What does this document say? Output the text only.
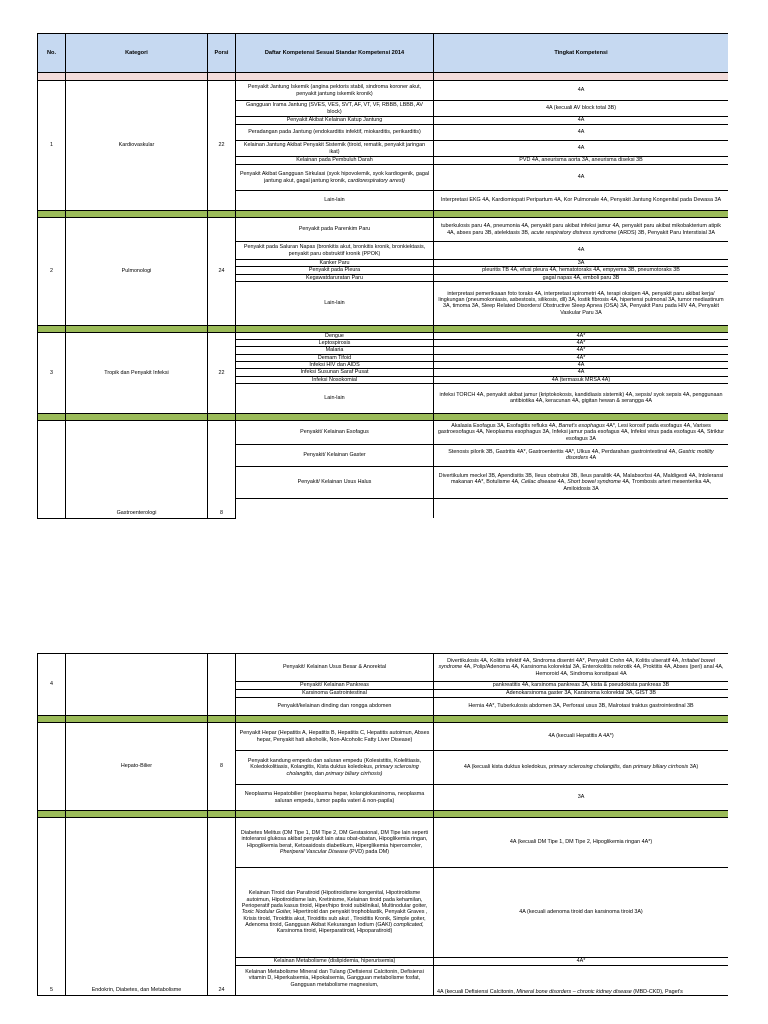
No.	Kategori	Porsi	Daftar Kompetensi Sesuai Standar Kompetensi 2014	Tingkat Kompetensi

1	Kardiovaskular	22	Penyakit Jantung Iskemik (angina pektoris stabil, sindroma koroner akut, penyakit jantung iskemik kronik)	4A
			Gangguan Irama Jantung (SVES, VES, SVT, AF, VT, VF, RBBB, LBBB, AV block)	4A (kecuali AV block total 3B)
			Penyakit Akibat Kelainan Katup Jantung	4A
			Peradangan pada Jantung (endokarditis infektif, miokarditis, perikarditis)	4A
			Kelainan Jantung Akibat Penyakit Sistemik (tiroid, rematik, penyakit jaringan ikat)	4A
			Kelainan pada Pembuluh Darah	PVD 4A, aneurisma aorta 3A, aneurisma diseksi 3B
			Penyakit Akibat Gangguan Sirkulasi (syok hipovolemik, syok kardiogenik, gagal jantung akut, gagal jantung kronik, cardiorespiratory arrest)	4A
			Lain-lain	Interpretasi EKG 4A, Kardiomiopati Peripartum 4A, Kor Pulmonale 4A, Penyakit Jantung Kongenital pada Dewasa 3A

2	Pulmonologi	24	Penyakit pada Parenkim Paru	tuberkulosis paru 4A, pneumonia 4A, penyakit paru akibat infeksi jamur 4A, penyakit paru akibat mikobakterium atipik 4A, abses paru 3B, atelektasis 3B, acute respiratory distress syndrome (ARDS) 3B, Penyakit Paru Interstisial 3A
			Penyakit pada Saluran Napas (bronkitis akut, bronkitis kronik, bronkiektasis, penyakit paru obstruktif kronik (PPOK)	4A
			Kanker Paru	3A
			Penyakit pada Pleura	pleuritis TB 4A, efusi pleura 4A, hematotoraks 4A, empyema 3B, pneumotoraks 3B
			Kegawatdaruratan Paru	gagal napas 4A, emboli paru 3B
			Lain-lain	interpretasi pemeriksaan foto toraks 4A, interpretasi spirometri 4A, terapi oksigen 4A, penyakit paru akibat kerja/ lingkungan (pneumokoniasis, asbestosis, silikosis, dll) 3A, lostik fibrosis 4A, hipertensi pulmonal 3A, tumor mediastinum 3A, timoma 3A, Sleep Related Disorders/ Obstructive Sleep Apnea (OSA) 3A, Penyakit Paru pada HIV 4A, Penyakit Vaskular Paru 3A

3	Tropik dan Penyakit Infeksi	22	Dengue	4A*
			Leptospirosis	4A*
			Malaria	4A*
			Demam Tifoid	4A*
			Infeksi HIV dan AIDS	4A
			Infeksi Susunan Saraf Pusat	4A
			Infeksi Nosokomial	4A (termasuk MRSA 4A)
			Lain-lain	infeksi TORCH 4A, penyakit akibat jamur (kriptokokosis, kandidiasis sistemik) 4A, sepsis/ syok sepsis 4A, penggunaan antibiotika 4A, keracunan 4A, gigitan hewan & serangga 4A

	Gastroenterologi	8	Penyakit/ Kelainan Esofagus	Akalasia Esofagus 3A, Esofagitis refluks 4A, Barret's esophagus 4A*, Lesi korosif pada esofagus 4A, Varises gastroesofagus 4A, Neoplasma esophagus 3A, Infeksi jamur pada esofagus 4A, Infeksi virus pada esofagus 4A, Striktur esofagus 3A
			Penyakit/ Kelainan Gaster	Stenosis pilorik 3B, Gastritis 4A*, Gastroenteritis 4A*, Ulkus 4A, Perdarahan gastrointestinal 4A, Gastric motility disorders 4A
			Penyakit/ Kelainan Usus Halus	Divertikulum meckel 3B, Apendisitis 3B, Ileus obstruksi 3B, Ileus paralitik 4A, Malabsorbsi 4A, Maldigesti 4A, Intoleransi makanan 4A*, Botulisme 4A, Celiac disease 4A, Short bowel syndrome 4A, Trombosis arteri mesenterika 4A, Amiloidosis 3A

4			Penyakit/ Kelainan Usus Besar & Anorektal	Divertikulosis 4A, Kolitis infektif 4A, Sindroma disentri 4A*, Penyakit Crohn 4A, Kolitis ulseratif 4A, Irritabel bowel syndrome 4A, Polip/Adenoma 4A, Karsinoma kolorektal 3A, Enterokolitis nekrotik 4A, Proktitis 4A, Abses (peri) anal 4A, Hemoroid 4A, Sindroma konstipasi 4A
			Penyakit/ Kelainan Pankreas	pankreatitis 4A, karsinoma pankreas 3A, kista & pseudokista pankreas 3B
			Karsinoma Gastrointestinal	Adenokarsinoma gaster 3A, Karsinoma kolorektal 3A, GIST 3B
			Penyakit/kelainan dinding dan rongga abdomen	Hernia 4A*, Tuberkulosis abdomen 3A, Perforasi usus 3B, Malrotasi traktus gastrointestinal 3B

	Hepato-Bilier	8	Penyakit Hepar (Hepatitis A, Hepatitis B, Hepatitis C, Hepatitis autoimun, Abses hepar, Penyakit hati alkoholik, Non-Alcoholic Fatty Liver Disease)	4A (kecuali Hepatitis A 4A*)
			Penyakit kandung empedu dan saluran empedu (Kolesistitis, Kolelitiasis, Koledokolitiasis, Kolangitis, Kista duktus koledokus, primary sclerosing cholangitis, dan primary biliary cirrhosis)	4A (kecuali kista duktus koledokus, primary sclerosing cholangitis, dan primary biliary cirrhosis 3A)
			Neoplasma Hepatobilier (neoplasma hepar, kolangiokarsinoma, neoplasma saluran empedu, tumor papila vateri & non-papila)	3A

5	Endokrin, Diabetes, dan Metabolisme	24	Diabetes Melitus (DM Tipe 1, DM Tipe 2, DM Gestasional, DM Tipe lain seperti intoleransi glukosa akibat penyakit lain atau obat-obatan, Hipoglikemia ringan, Hipoglikemia berat, Ketoasidosis diabetikum, Hiperglikemia hiperosmoler, Pheriperal Vascular Disease (PVD) pada DM)	4A (kecuali DM Tipe 1, DM Tipe 2, Hipoglikemia ringan 4A*)
			Kelainan Tiroid dan Paratiroid (Hipotiroidisme kongenital, Hipotiroidisme autoimun, Hipotiroidisme lain, Kretinisme, Kelainan tiroid pada kehamilan, Perioperatif pada kasus tiroid, Hiper/hipo tiroid subklinikal, Multinodular goiter, Toxic Nodular Goiter, Hipertiroid dan penyakit trophoblastik, Penyakit Graves , Krisis tiroid, Tiroiditis akut, Tiroiditis sub akut , Tiroiditis Kronik, Simple goiter, Adenoma tiroid, Gangguan Akibat Kekurangan Iodium (GAKI) complicated, Karsinoma tiroid, Hiperparatiroid, Hipoparatiroid)	4A (kecuali adenoma tiroid dan karsinoma tiroid 3A)
			Kelainan Metabolisme (dislipidemia, hiperurisemia)	4A*
			Kelainan Metabolisme Mineral dan Tulang (Defisiensi Calcitonin, Defisiensi vitamin D, Hiperkalsemia, Hipokalsemia, Gangguan metabolisme fosfat, Gangguan metabolisme magnesium,	4A (kecuali Defisiensi Calcitonin, Mineral bone disorders – chronic kidney disease (MBD-CKD), Paget's
